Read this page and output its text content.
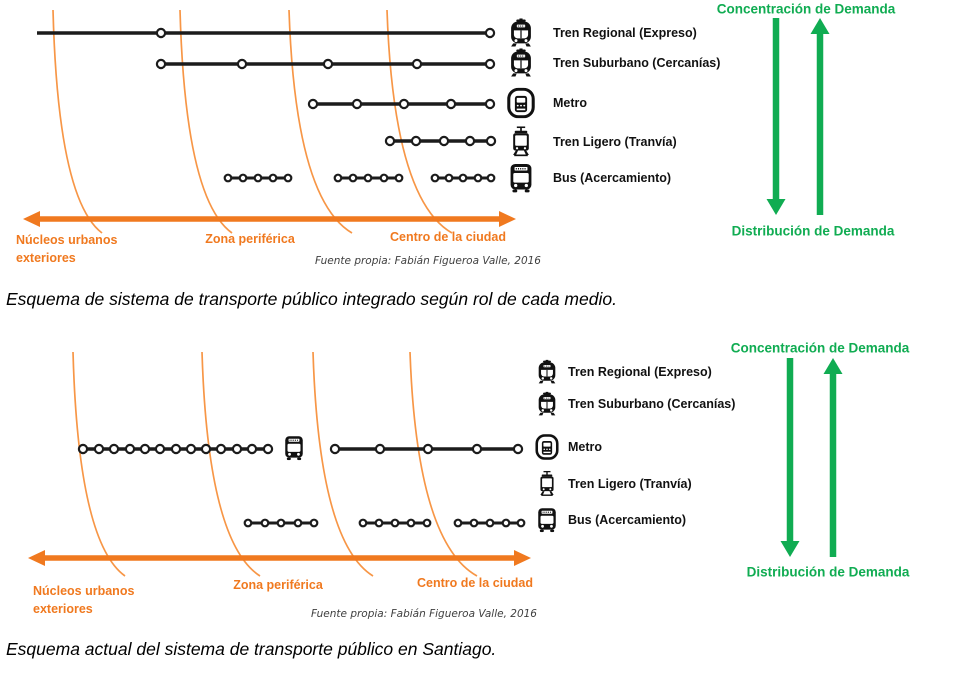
Tren Regional (Expreso)
Tren Suburbano (Cercanías)
Metro
Tren Ligero (Tranvía)
Bus (Acercamiento)
Núcleos urbanos
exteriores
Zona periférica	Centro de la ciudad
Fuente propia: Fabián Figueroa Valle, 2016
Concentración de Demanda
Distribución de Demanda
Esquema de sistema de transporte público integrado según rol de cada medio.
Tren Regional (Expreso)
Tren Suburbano (Cercanías)
Metro
Tren Ligero (Tranvía)
Bus (Acercamiento)
Núcleos urbanos
exteriores
Zona periférica	Centro de la ciudad
Fuente propia: Fabián Figueroa Valle, 2016
Concentración de Demanda
Distribución de Demanda
Esquema actual del sistema de transporte público en Santiago.
